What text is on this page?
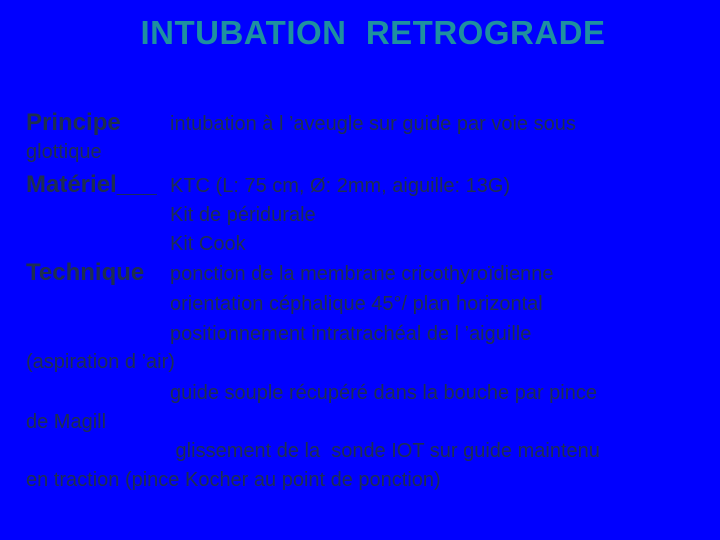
INTUBATION  RETROGRADE
Principe intubation à l ’aveugle sur guide par voie sous
glottique
Matériel___ KTC (L: 75 cm, Ø: 2mm, aiguille: 13G)
Kit de péridurale
Kit Cook
Technique ponction de la membrane cricothyroïdienne
orientation céphalique 45°/ plan horizontal
positionnement intratrachéal de l ’aiguille
(aspiration d ’air)
guide souple récupéré dans la bouche par pince
de Magill
glissement de la  sonde IOT sur guide maintenu
en traction (pince Kocher au point de ponction)
